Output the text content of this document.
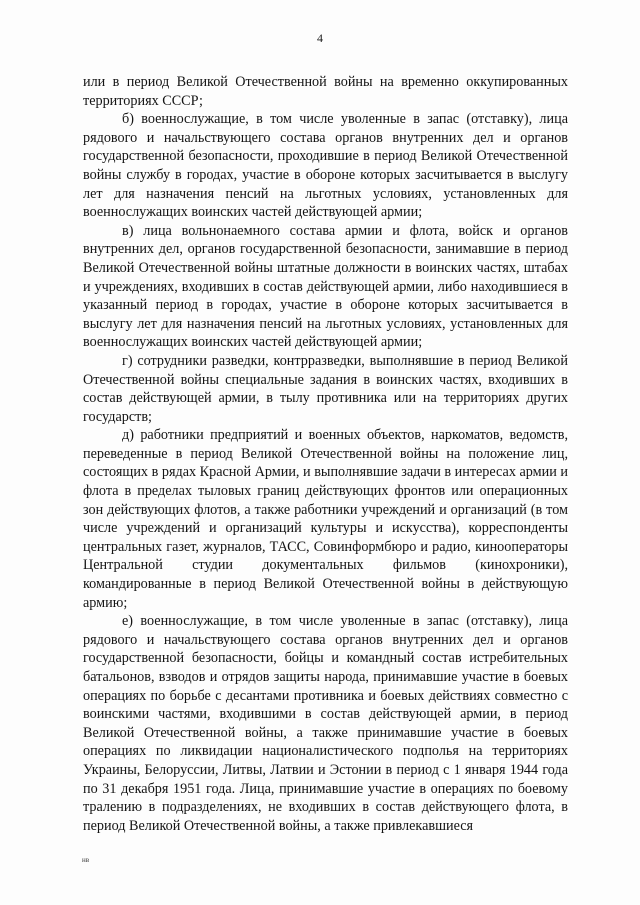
4

или в период Великой Отечественной войны на временно оккупированных территориях СССР;

б) военнослужащие, в том числе уволенные в запас (отставку), лица рядового и начальствующего состава органов внутренних дел и органов государственной безопасности, проходившие в период Великой Отечественной войны службу в городах, участие в обороне которых засчитывается в выслугу лет для назначения пенсий на льготных условиях, установленных для военнослужащих воинских частей действующей армии;

в) лица вольнонаемного состава армии и флота, войск и органов внутренних дел, органов государственной безопасности, занимавшие в период Великой Отечественной войны штатные должности в воинских частях, штабах и учреждениях, входивших в состав действующей армии, либо находившиеся в указанный период в городах, участие в обороне которых засчитывается в выслугу лет для назначения пенсий на льготных условиях, установленных для военнослужащих воинских частей действующей армии;

г) сотрудники разведки, контрразведки, выполнявшие в период Великой Отечественной войны специальные задания в воинских частях, входивших в состав действующей армии, в тылу противника или на территориях других государств;

д) работники предприятий и военных объектов, наркоматов, ведомств, переведенные в период Великой Отечественной войны на положение лиц, состоящих в рядах Красной Армии, и выполнявшие задачи в интересах армии и флота в пределах тыловых границ действующих фронтов или операционных зон действующих флотов, а также работники учреждений и организаций (в том числе учреждений и организаций культуры и искусства), корреспонденты центральных газет, журналов, ТАСС, Совинформбюро и радио, кинооператоры Центральной студии документальных фильмов (кинохроники), командированные в период Великой Отечественной войны в действующую армию;

е) военнослужащие, в том числе уволенные в запас (отставку), лица рядового и начальствующего состава органов внутренних дел и органов государственной безопасности, бойцы и командный состав истребительных батальонов, взводов и отрядов защиты народа, принимавшие участие в боевых операциях по борьбе с десантами противника и боевых действиях совместно с воинскими частями, входившими в состав действующей армии, в период Великой Отечественной войны, а также принимавшие участие в боевых операциях по ликвидации националистического подполья на территориях Украины, Белоруссии, Литвы, Латвии и Эстонии в период с 1 января 1944 года по 31 декабря 1951 года. Лица, принимавшие участие в операциях по боевому тралению в подразделениях, не входивших в состав действующего флота, в период Великой Отечественной войны, а также привлекавшиеся

нв
